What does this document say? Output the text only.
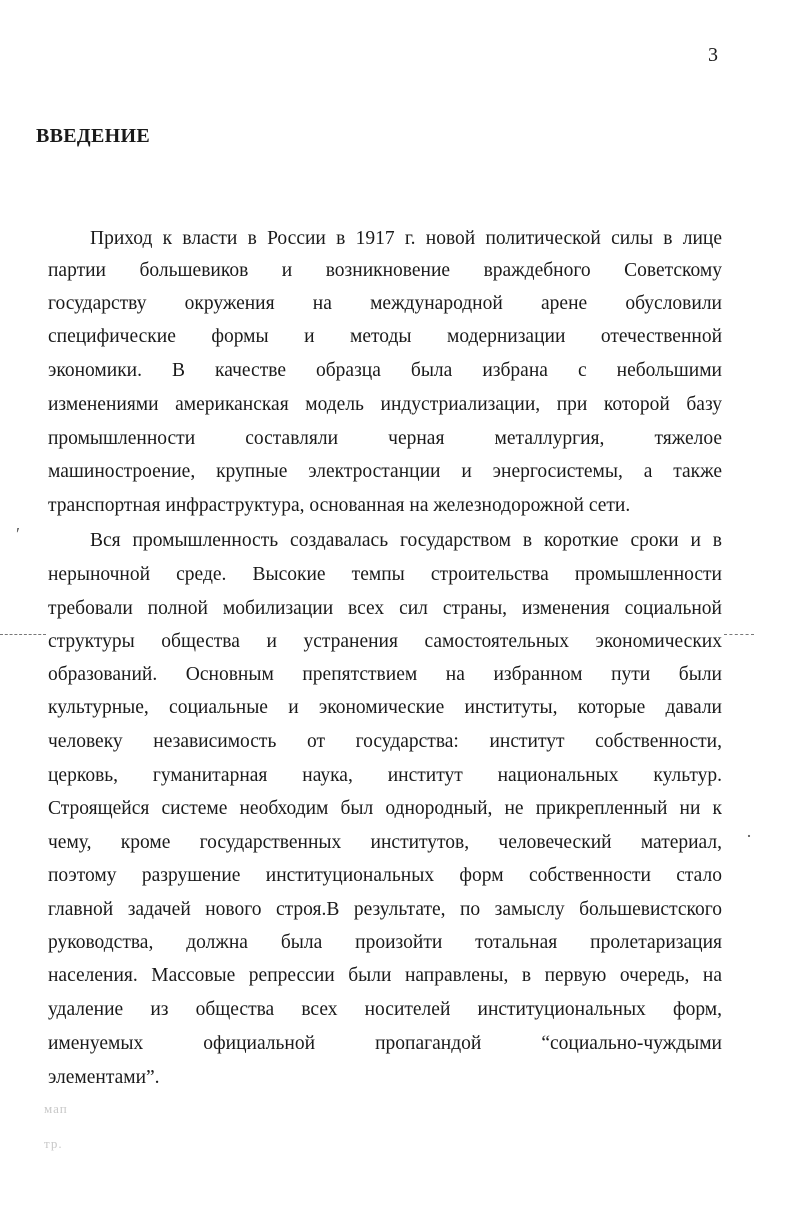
3
ВВЕДЕНИЕ
Приход к власти в России в 1917 г. новой политической силы в лице
партии большевиков и возникновение враждебного Советскому
государству окружения на международной арене обусловили
специфические формы и методы модернизации отечественной
экономики. В качестве образца была избрана с небольшими
изменениями американская модель индустриализации, при которой базу
промышленности составляли черная металлургия, тяжелое
машиностроение, крупные электростанции и энергосистемы, а также
транспортная инфраструктура, основанная на железнодорожной сети.
Вся промышленность создавалась государством в короткие сроки и в
нерыночной среде. Высокие темпы строительства промышленности
требовали полной мобилизации всех сил страны, изменения социальной
структуры общества и устранения самостоятельных экономических
образований. Основным препятствием на избранном пути были
культурные, социальные и экономические институты, которые давали
человеку независимость от государства: институт собственности,
церковь, гуманитарная наука, институт национальных культур.
Строящейся системе необходим был однородный, не прикрепленный ни к
чему, кроме государственных институтов, человеческий материал,
поэтому разрушение институциональных форм собственности стало
главной задачей нового строя.В результате, по замыслу большевистского
руководства, должна была произойти тотальная пролетаризация
населения. Массовые репрессии были направлены, в первую очередь, на
удаление из общества всех носителей институциональных форм,
именуемых официальной пропагандой “социально-чуждыми
элементами”.
′
·
мап
тр.
